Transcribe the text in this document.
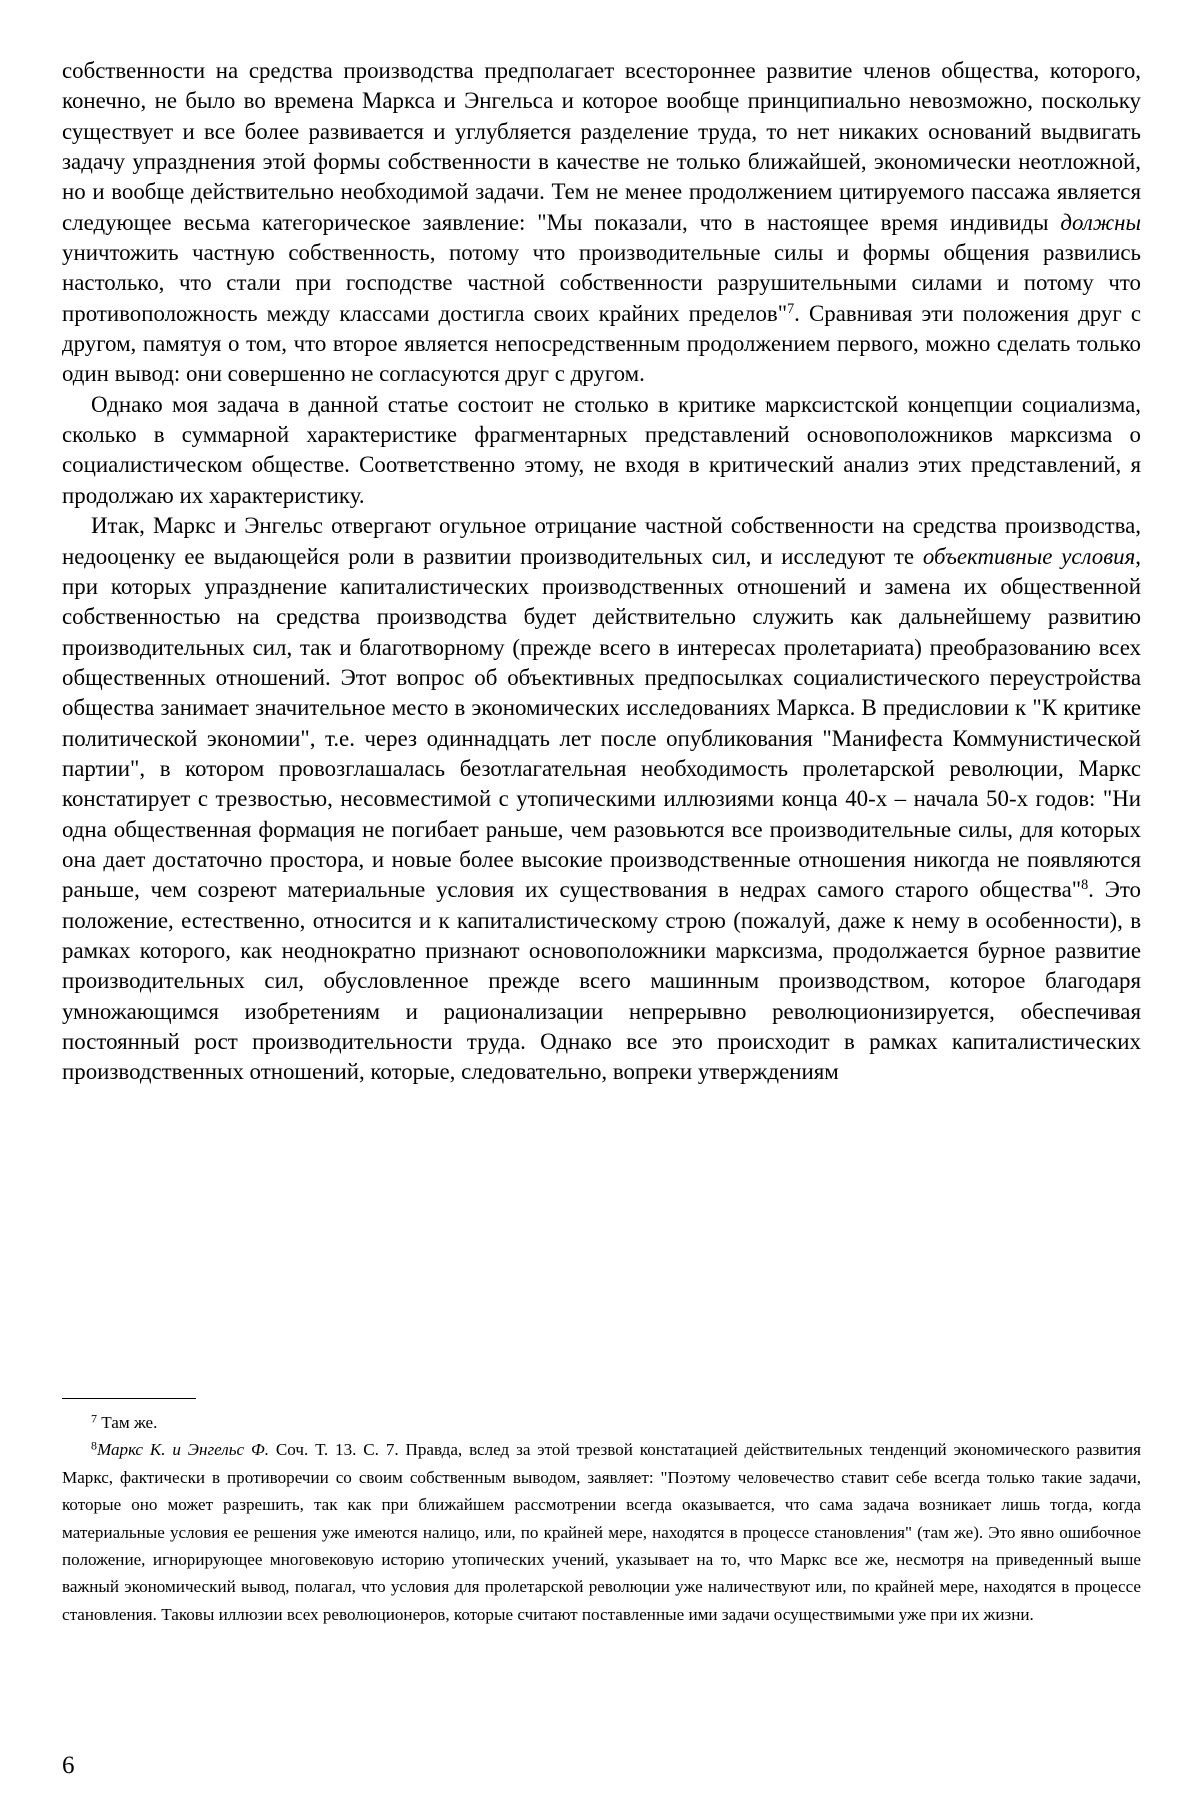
собственности на средства производства предполагает всестороннее развитие членов общества, которого, конечно, не было во времена Маркса и Энгельса и которое вообще принципиально невозможно, поскольку существует и все более развивается и углубляется разделение труда, то нет никаких оснований выдвигать задачу упразднения этой формы собственности в качестве не только ближайшей, экономически неотложной, но и вообще действительно необходимой задачи. Тем не менее продолжением цитируемого пассажа является следующее весьма категорическое заявление: "Мы показали, что в настоящее время индивиды должны уничтожить частную собственность, потому что производительные силы и формы общения развились настолько, что стали при господстве частной собственности разрушительными силами и потому что противоположность между классами достигла своих крайних пределов"$^7$. Сравнивая эти положения друг с другом, памятуя о том, что второе является непосредственным продолжением первого, можно сделать только один вывод: они совершенно не согласуются друг с другом.

Однако моя задача в данной статье состоит не столько в критике марксистской концепции социализма, сколько в суммарной характеристике фрагментарных представлений основоположников марксизма о социалистическом обществе. Соответственно этому, не входя в критический анализ этих представлений, я продолжаю их характеристику.

Итак, Маркс и Энгельс отвергают огульное отрицание частной собственности на средства производства, недооценку ее выдающейся роли в развитии производительных сил, и исследуют те объективные условия, при которых упразднение капиталистических производственных отношений и замена их общественной собственностью на средства производства будет действительно служить как дальнейшему развитию производительных сил, так и благотворному (прежде всего в интересах пролетариата) преобразованию всех общественных отношений. Этот вопрос об объективных предпосылках социалистического переустройства общества занимает значительное место в экономических исследованиях Маркса. В предисловии к "К критике политической экономии", т.е. через одиннадцать лет после опубликования "Манифеста Коммунистической партии", в котором провозглашалась безотлагательная необходимость пролетарской революции, Маркс констатирует с трезвостью, несовместимой с утопическими иллюзиями конца 40-х – начала 50-х годов: "Ни одна общественная формация не погибает раньше, чем разовьются все производительные силы, для которых она дает достаточно простора, и новые более высокие производственные отношения никогда не появляются раньше, чем созреют материальные условия их существования в недрах самого старого общества"$^8$. Это положение, естественно, относится и к капиталистическому строю (пожалуй, даже к нему в особенности), в рамках которого, как неоднократно признают основоположники марксизма, продолжается бурное развитие производительных сил, обусловленное прежде всего машинным производством, которое благодаря умножающимся изобретениям и рационализации непрерывно революционизируется, обеспечивая постоянный рост производительности труда. Однако все это происходит в рамках капиталистических производственных отношений, которые, следовательно, вопреки утверждениям

$^7$ Там же.

$^8$Маркс К. и Энгельс Ф. Соч. Т. 13. С. 7. Правда, вслед за этой трезвой констатацией действительных тенденций экономического развития Маркс, фактически в противоречии со своим собственным выводом, заявляет: "Поэтому человечество ставит себе всегда только такие задачи, которые оно может разрешить, так как при ближайшем рассмотрении всегда оказывается, что сама задача возникает лишь тогда, когда материальные условия ее решения уже имеются налицо, или, по крайней мере, находятся в процессе становления" (там же). Это явно ошибочное положение, игнорирующее многовековую историю утопических учений, указывает на то, что Маркс все же, несмотря на приведенный выше важный экономический вывод, полагал, что условия для пролетарской революции уже наличествуют или, по крайней мере, находятся в процессе становления. Таковы иллюзии всех революционеров, которые считают поставленные ими задачи осуществимыми уже при их жизни.

6
